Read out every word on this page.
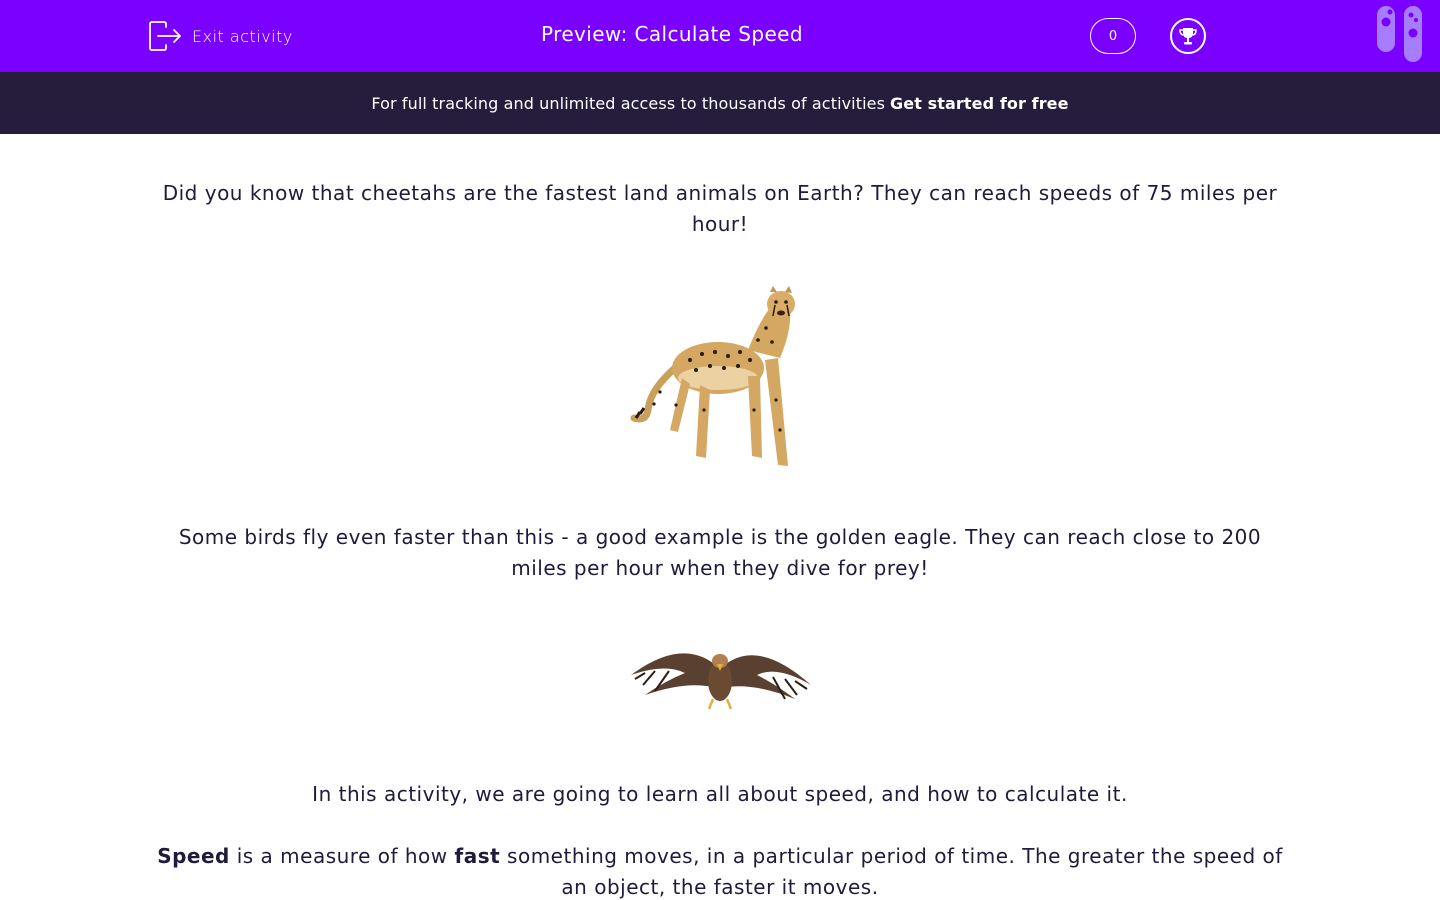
Exit activity	Preview: Calculate Speed	0
For full tracking and unlimited access to thousands of activities Get started for free

Did you know that cheetahs are the fastest land animals on Earth? They can reach speeds of 75 miles per hour!

Some birds fly even faster than this - a good example is the golden eagle. They can reach close to 200 miles per hour when they dive for prey!

In this activity, we are going to learn all about speed, and how to calculate it.

Speed is a measure of how fast something moves, in a particular period of time. The greater the speed of an object, the faster it moves.
